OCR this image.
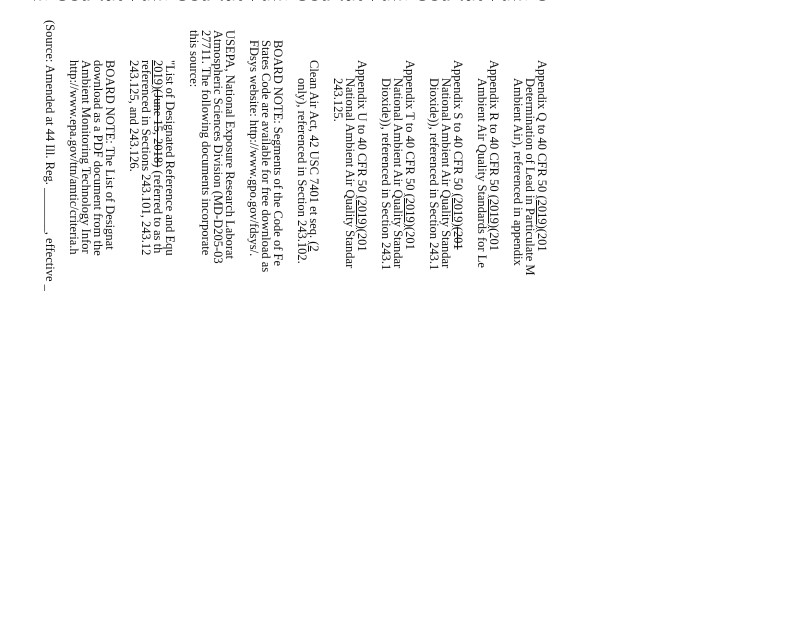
Appendix Q to 40 CFR 50 (2019)(201
Determination of Lead in Particulate M
Ambient Air), referenced in appendix
Appendix R to 40 CFR 50 (2019)(201
Ambient Air Quality Standards for Le
Appendix S to 40 CFR 50 (2019)(201
National Ambient Air Quality Standar
Dioxide)), referenced in Section 243.1
Appendix T to 40 CFR 50 (2019)(201
National Ambient Air Quality Standar
Dioxide)), referenced in Section 243.1
Appendix U to 40 CFR 50 (2019)(201
National Ambient Air Quality Standar
243.125.
Clean Air Act, 42 USC 7401 et seq. (2
only), referenced in Section 243.102.
BOARD NOTE: Segments of the Code of Fe
States Code are available for free download as
FDsys website: http://www.gpo.gov/fdsys/.
USEPA, National Exposure Research Laborat
Atmospheric Sciences Division (MD-D205-03
27711. The following documents incorporate
this source:
"List of Designated Reference and Equ
2019)(June 15, 2018) (referred to as th
referenced in Sections 243.101, 243.12
243.125, and 243.126.
BOARD NOTE: The List of Designat
download as a PDF document from the
Ambient Monitoring Technology Infor
http://www.epa.gov/ttn/amtic/criteria.h
(Source: Amended at 44 Ill. Reg. _______, effective _
